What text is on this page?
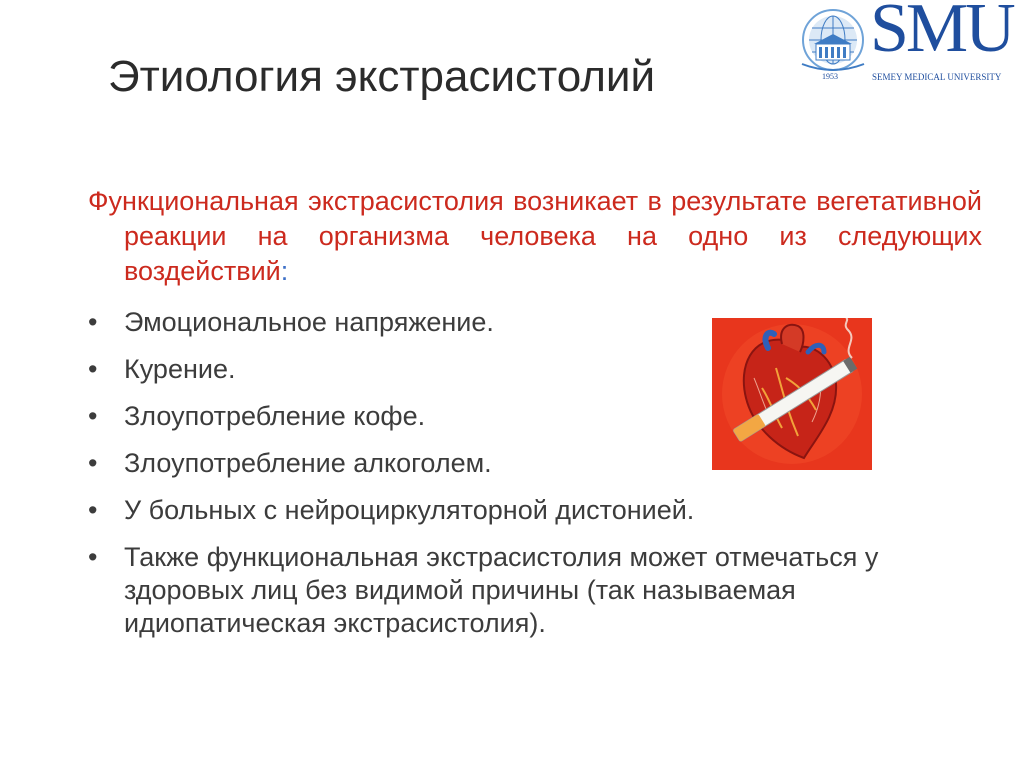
Этиология экстрасистолий	1953
SMU
SEMEY MEDICAL UNIVERSITY
Функциональная экстрасистолия возникает в результате вегетативной реакции на организма человека на одно из следующих воздействий:
• Эмоциональное напряжение.
• Курение.
• Злоупотребление кофе.
• Злоупотребление алкоголем.
• У больных с нейроциркуляторной дистонией.
• Также функциональная экстрасистолия может отмечаться у здоровых лиц без видимой причины (так называемая идиопатическая экстрасистолия).
